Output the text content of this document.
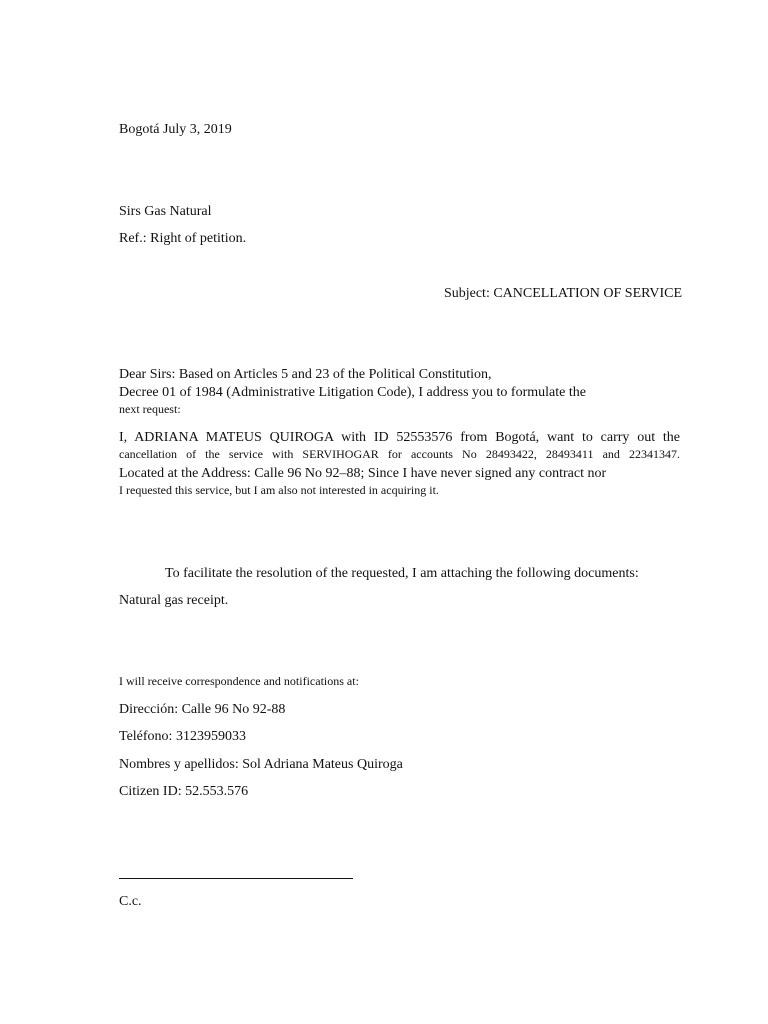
Bogotá July 3, 2019

Sirs Gas Natural

Ref.: Right of petition.

Subject: CANCELLATION OF SERVICE

Dear Sirs: Based on Articles 5 and 23 of the Political Constitution,

Decree 01 of 1984 (Administrative Litigation Code), I address you to formulate the

next request:

I, ADRIANA MATEUS QUIROGA with ID 52553576 from Bogotá, want to carry out the

cancellation of the service with SERVIHOGAR for accounts No 28493422, 28493411 and 22341347.

Located at the Address: Calle 96 No 92–88; Since I have never signed any contract nor

I requested this service, but I am also not interested in acquiring it.

To facilitate the resolution of the requested, I am attaching the following documents:

Natural gas receipt.

I will receive correspondence and notifications at:

Dirección: Calle 96 No 92-88

Teléfono: 3123959033

Nombres y apellidos: Sol Adriana Mateus Quiroga

Citizen ID: 52.553.576

C.c.
